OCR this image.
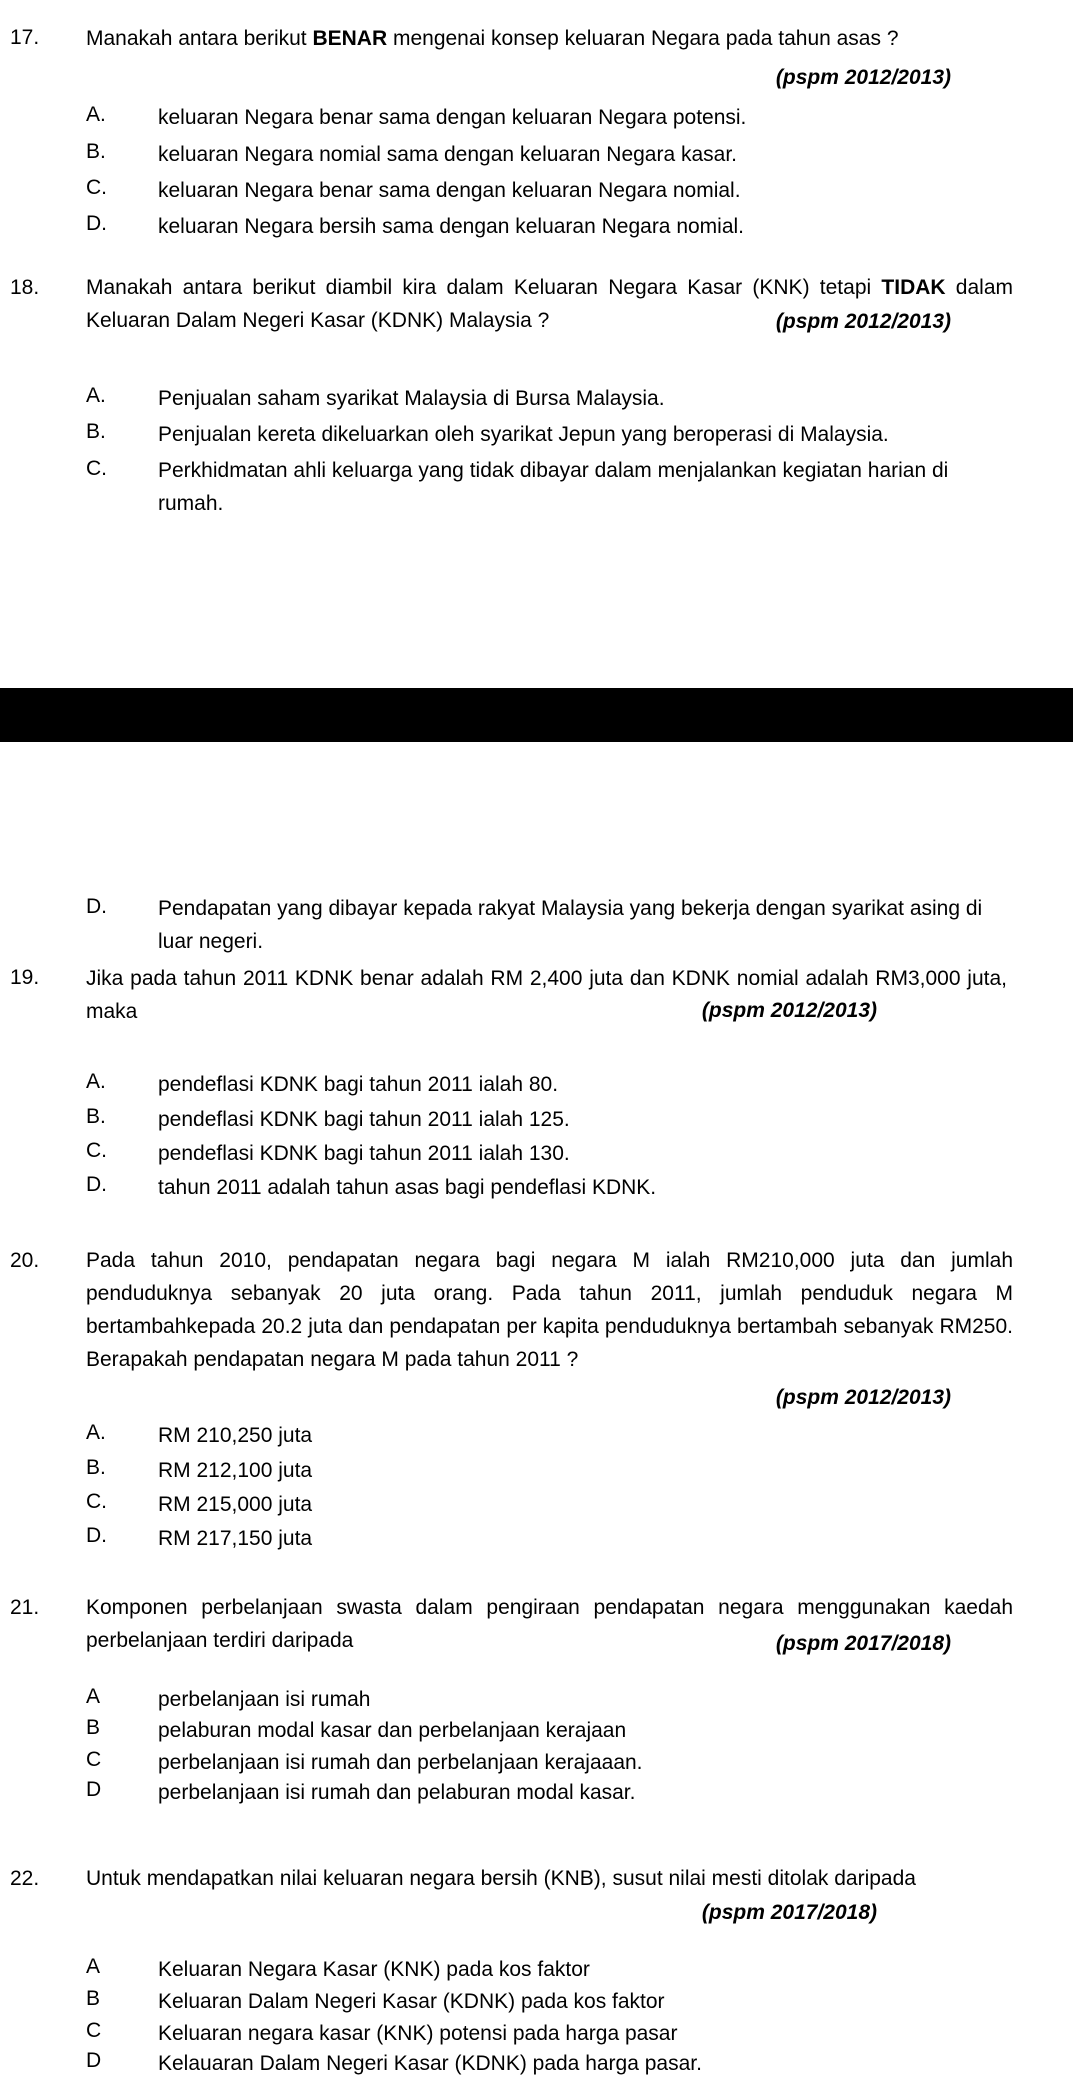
17. Manakah antara berikut BENAR mengenai konsep keluaran Negara pada tahun asas ?
(pspm 2012/2013)
A. keluaran Negara benar sama dengan keluaran Negara potensi.
B. keluaran Negara nomial sama dengan keluaran Negara kasar.
C. keluaran Negara benar sama dengan keluaran Negara nomial.
D. keluaran Negara bersih sama dengan keluaran Negara nomial.
18. Manakah antara berikut diambil kira dalam Keluaran Negara Kasar (KNK) tetapi TIDAK dalam Keluaran Dalam Negeri Kasar (KDNK) Malaysia ?	(pspm 2012/2013)
A. Penjualan saham syarikat Malaysia di Bursa Malaysia.
B. Penjualan kereta dikeluarkan oleh syarikat Jepun yang beroperasi di Malaysia.
C. Perkhidmatan ahli keluarga yang tidak dibayar dalam menjalankan kegiatan harian di rumah.
D. Pendapatan yang dibayar kepada rakyat Malaysia yang bekerja dengan syarikat asing di luar negeri.
19. Jika pada tahun 2011 KDNK benar adalah RM 2,400 juta dan KDNK nomial adalah RM3,000 juta, maka	(pspm 2012/2013)
A. pendeflasi KDNK bagi tahun 2011 ialah 80.
B. pendeflasi KDNK bagi tahun 2011 ialah 125.
C. pendeflasi KDNK bagi tahun 2011 ialah 130.
D. tahun 2011 adalah tahun asas bagi pendeflasi KDNK.
20. Pada tahun 2010, pendapatan negara bagi negara M ialah RM210,000 juta dan jumlah penduduknya sebanyak 20 juta orang. Pada tahun 2011, jumlah penduduk negara M bertambahkepada 20.2 juta dan pendapatan per kapita penduduknya bertambah sebanyak RM250. Berapakah pendapatan negara M pada tahun 2011 ?
(pspm 2012/2013)
A. RM 210,250 juta
B. RM 212,100 juta
C. RM 215,000 juta
D. RM 217,150 juta
21. Komponen perbelanjaan swasta dalam pengiraan pendapatan negara menggunakan kaedah perbelanjaan terdiri daripada	(pspm 2017/2018)
A	perbelanjaan isi rumah
B	pelaburan modal kasar dan perbelanjaan kerajaan
C	perbelanjaan isi rumah dan perbelanjaan kerajaaan.
D	perbelanjaan isi rumah dan pelaburan modal kasar.
22. Untuk mendapatkan nilai keluaran negara bersih (KNB), susut nilai mesti ditolak daripada
(pspm 2017/2018)
A	Keluaran Negara Kasar (KNK) pada kos faktor
B	Keluaran Dalam Negeri Kasar (KDNK) pada kos faktor
C	Keluaran negara kasar (KNK) potensi pada harga pasar
D	Kelauaran Dalam Negeri Kasar (KDNK) pada harga pasar.
